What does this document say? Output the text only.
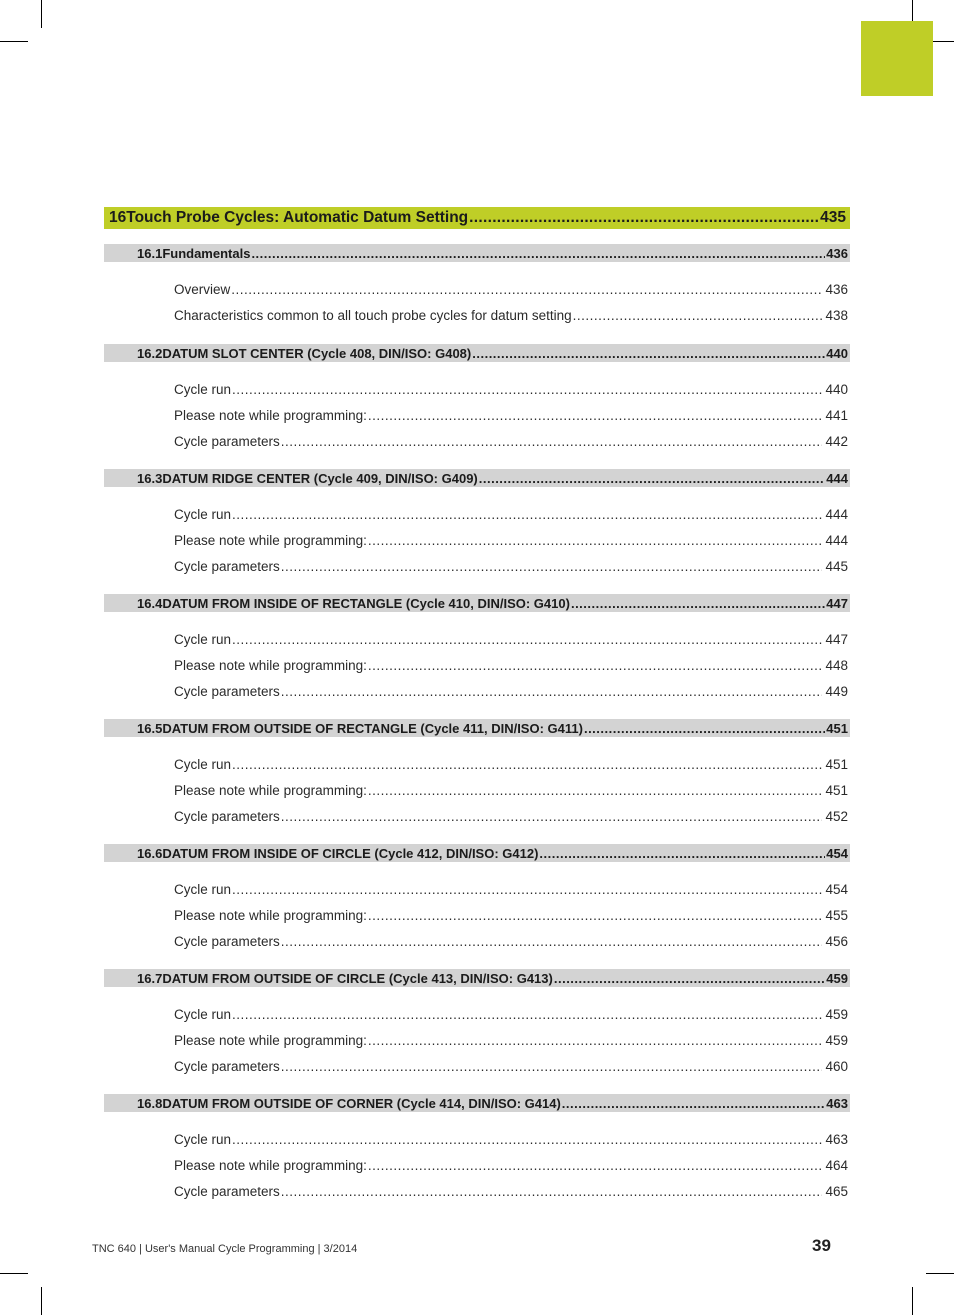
16 Touch Probe Cycles: Automatic Datum Setting .....	435
16.1 Fundamentals .....	436
Overview .....	436
Characteristics common to all touch probe cycles for datum setting .....	438
16.2 DATUM SLOT CENTER (Cycle 408, DIN/ISO: G408) .....	440
Cycle run .....	440
Please note while programming: .....	441
Cycle parameters .....	442
16.3 DATUM RIDGE CENTER (Cycle 409, DIN/ISO: G409) .....	444
Cycle run .....	444
Please note while programming: .....	444
Cycle parameters .....	445
16.4 DATUM FROM INSIDE OF RECTANGLE (Cycle 410, DIN/ISO: G410) .....	447
Cycle run .....	447
Please note while programming: .....	448
Cycle parameters .....	449
16.5 DATUM FROM OUTSIDE OF RECTANGLE (Cycle 411, DIN/ISO: G411) .....	451
Cycle run .....	451
Please note while programming: .....	451
Cycle parameters .....	452
16.6 DATUM FROM INSIDE OF CIRCLE (Cycle 412, DIN/ISO: G412) .....	454
Cycle run .....	454
Please note while programming: .....	455
Cycle parameters .....	456
16.7 DATUM FROM OUTSIDE OF CIRCLE (Cycle 413, DIN/ISO: G413) .....	459
Cycle run .....	459
Please note while programming: .....	459
Cycle parameters .....	460
16.8 DATUM FROM OUTSIDE OF CORNER (Cycle 414, DIN/ISO: G414) .....	463
Cycle run .....	463
Please note while programming: .....	464
Cycle parameters .....	465
TNC 640 | User's Manual Cycle Programming | 3/2014	39
